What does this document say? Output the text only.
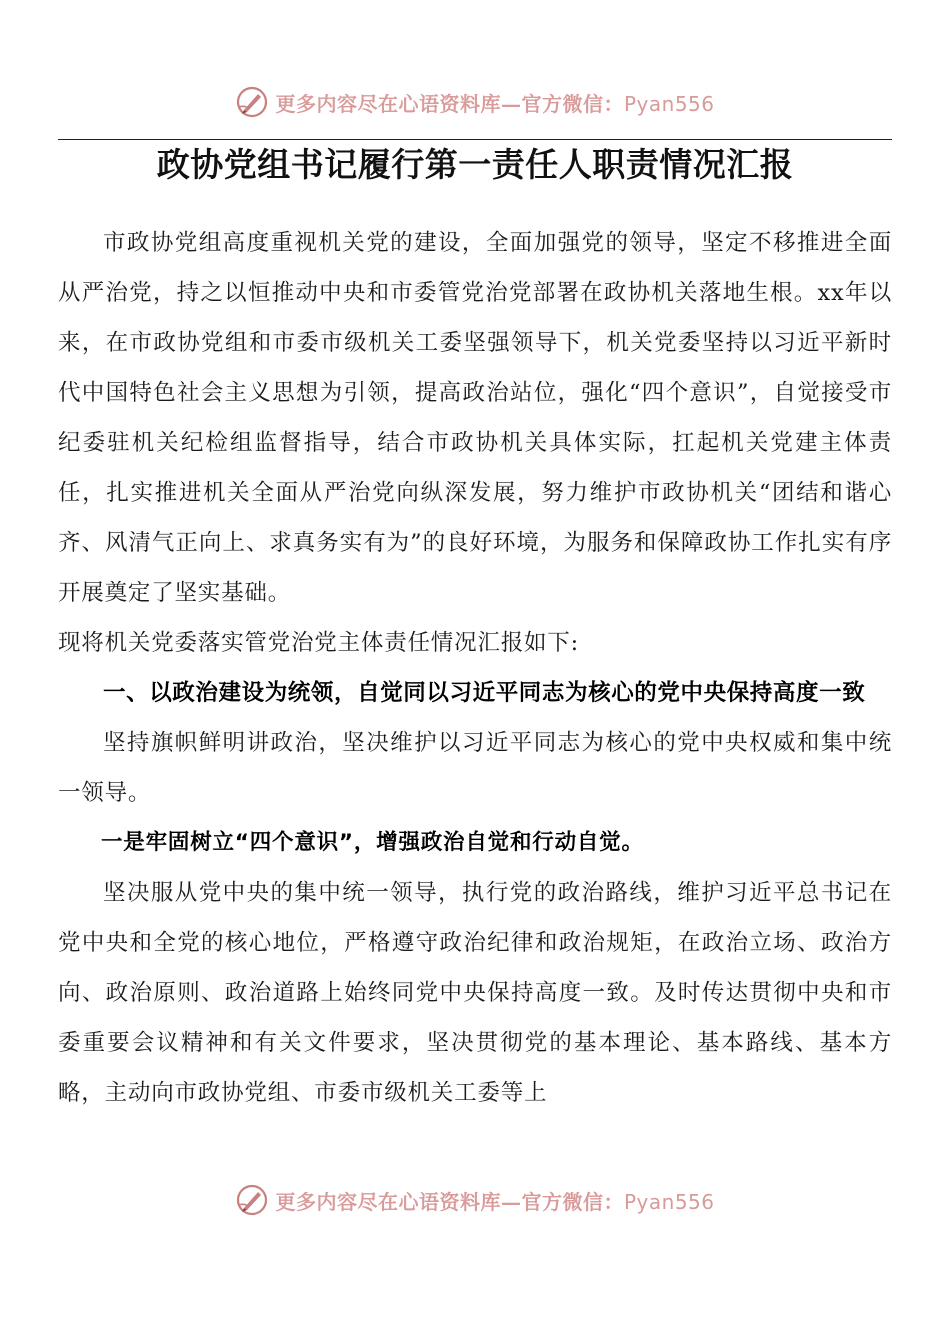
更多内容尽在心语资料库—官方微信：Pyan556
政协党组书记履行第一责任人职责情况汇报

市政协党组高度重视机关党的建设，全面加强党的领导，坚定不移推进全面从严治党，持之以恒推动中央和市委管党治党部署在政协机关落地生根。xx年以来，在市政协党组和市委市级机关工委坚强领导下，机关党委坚持以习近平新时代中国特色社会主义思想为引领，提高政治站位，强化“四个意识”，自觉接受市纪委驻机关纪检组监督指导，结合市政协机关具体实际，扛起机关党建主体责任，扎实推进机关全面从严治党向纵深发展，努力维护市政协机关“团结和谐心齐、风清气正向上、求真务实有为”的良好环境，为服务和保障政协工作扎实有序开展奠定了坚实基础。

现将机关党委落实管党治党主体责任情况汇报如下:

一、以政治建设为统领，自觉同以习近平同志为核心的党中央保持高度一致

坚持旗帜鲜明讲政治，坚决维护以习近平同志为核心的党中央权威和集中统一领导。

一是牢固树立“四个意识”，增强政治自觉和行动自觉。

坚决服从党中央的集中统一领导，执行党的政治路线，维护习近平总书记在党中央和全党的核心地位，严格遵守政治纪律和政治规矩，在政治立场、政治方向、政治原则、政治道路上始终同党中央保持高度一致。及时传达贯彻中央和市委重要会议精神和有关文件要求，坚决贯彻党的基本理论、基本路线、基本方略，主动向市政协党组、市委市级机关工委等上

更多内容尽在心语资料库—官方微信：Pyan556
